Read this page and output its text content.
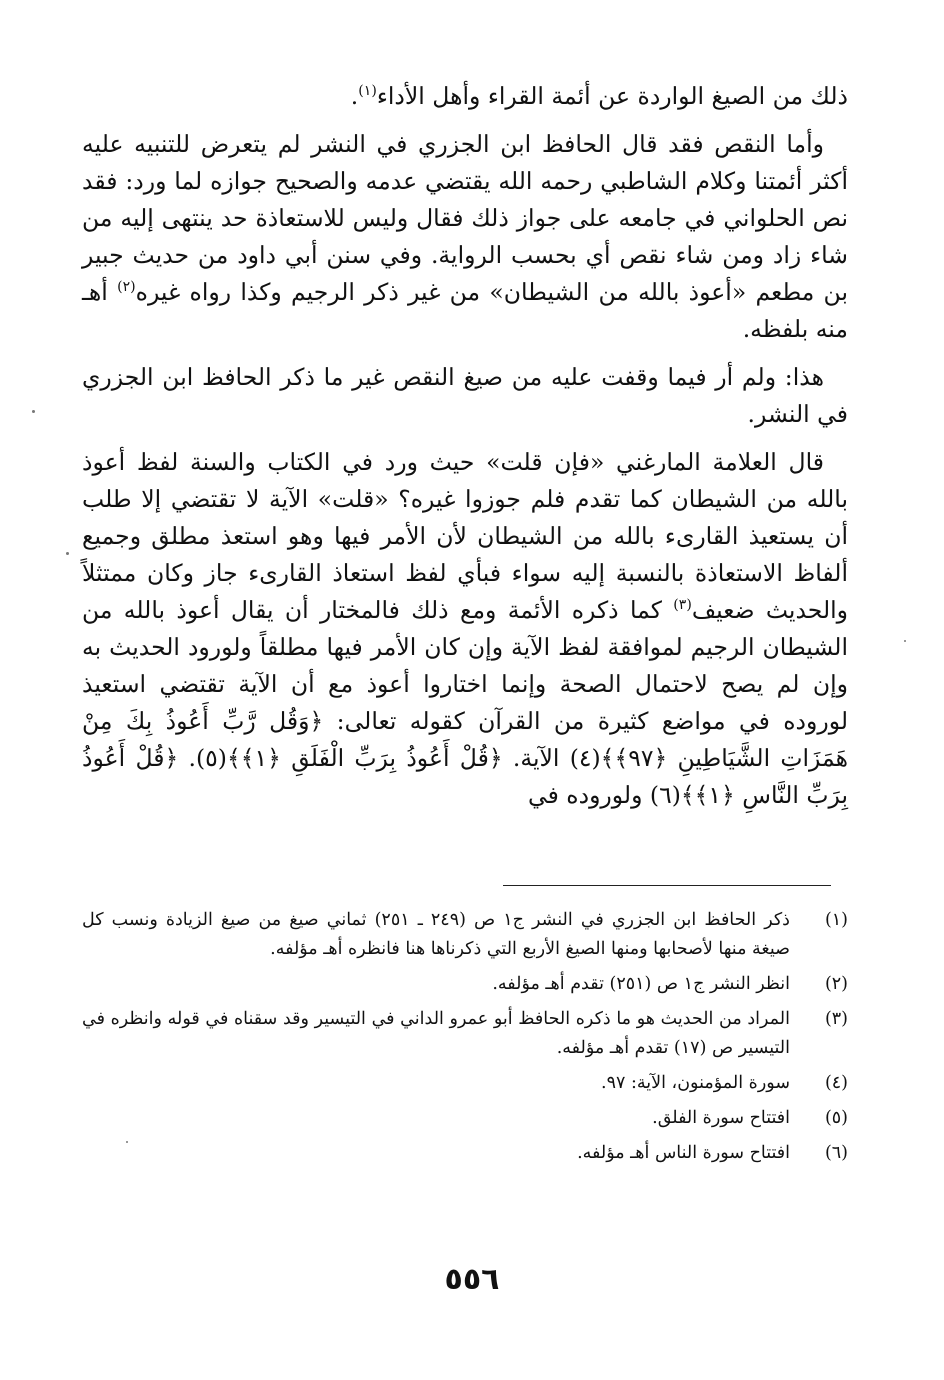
ذلك من الصيغ الواردة عن أئمة القراء وأهل الأداء$^{(١)}$.

وأما النقص فقد قال الحافظ ابن الجزري في النشر لم يتعرض للتنبيه عليه أكثر أئمتنا وكلام الشاطبي رحمه الله يقتضي عدمه والصحيح جوازه لما ورد: فقد نص الحلواني في جامعه على جواز ذلك فقال وليس للاستعاذة حد ينتهى إليه من شاء زاد ومن شاء نقص أي بحسب الرواية. وفي سنن أبي داود من حديث جبير بن مطعم «أعوذ بالله من الشيطان» من غير ذكر الرجيم وكذا رواه غيره$^{(٢)}$ أهـ منه بلفظه.

هذا: ولم أر فيما وقفت عليه من صيغ النقص غير ما ذكر الحافظ ابن الجزري في النشر.

قال العلامة المارغني «فإن قلت» حيث ورد في الكتاب والسنة لفظ أعوذ بالله من الشيطان كما تقدم فلم جوزوا غيره؟ «قلت» الآية لا تقتضي إلا طلب أن يستعيذ القارىء بالله من الشيطان لأن الأمر فيها وهو استعذ مطلق وجميع ألفاظ الاستعاذة بالنسبة إليه سواء فبأي لفظ استعاذ القارىء جاز وكان ممتثلاً والحديث ضعيف$^{(٣)}$ كما ذكره الأئمة ومع ذلك فالمختار أن يقال أعوذ بالله من الشيطان الرجيم لموافقة لفظ الآية وإن كان الأمر فيها مطلقاً ولورود الحديث به وإن لم يصح لاحتمال الصحة وإنما اختاروا أعوذ مع أن الآية تقتضي استعيذ لوروده في مواضع كثيرة من القرآن كقوله تعالى: ﴿وَقُل رَّبِّ أَعُوذُ بِكَ مِنْ هَمَزَاتِ الشَّيَاطِينِ ﴿٩٧﴾﴾(٤) الآية. ﴿قُلْ أَعُوذُ بِرَبِّ الْفَلَقِ ﴿١﴾﴾(٥). ﴿قُلْ أَعُوذُ بِرَبِّ النَّاسِ ﴿١﴾﴾(٦) ولوروده في

(١)
ذكر الحافظ ابن الجزري في النشر ج١ ص (٢٤٩ ـ ٢٥١) ثماني صيغ من صيغ الزيادة ونسب كل صيغة منها لأصحابها ومنها الصيغ الأربع التي ذكرناها هنا فانظره أهـ مؤلفه.
(٢)
انظر النشر ج١ ص (٢٥١) تقدم أهـ مؤلفه.
(٣)
المراد من الحديث هو ما ذكره الحافظ أبو عمرو الداني في التيسير وقد سقناه في قوله وانظره في التيسير ص (١٧) تقدم أهـ مؤلفه.
(٤)
سورة المؤمنون، الآية: ٩٧.
(٥)
افتتاح سورة الفلق.
(٦)
افتتاح سورة الناس أهـ مؤلفه.
٥٥٦
